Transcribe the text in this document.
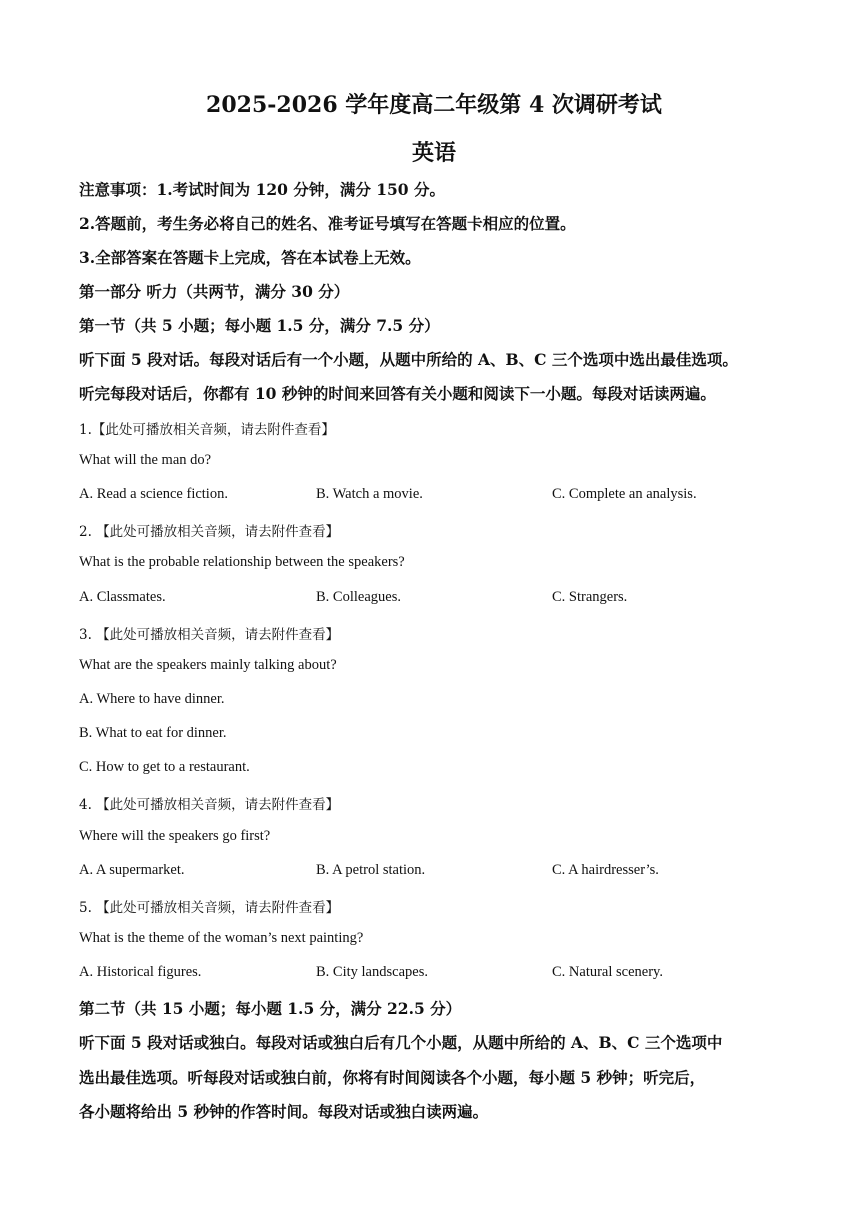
2025-2026 学年度高二年级第 4 次调研考试
英语
注意事项：1.考试时间为 120 分钟，满分 150 分。
2.答题前，考生务必将自己的姓名、准考证号填写在答题卡相应的位置。
3.全部答案在答题卡上完成，答在本试卷上无效。
第一部分 听力（共两节，满分 30 分）
第一节（共 5 小题；每小题 1.5 分，满分 7.5 分）
听下面 5 段对话。每段对话后有一个小题，从题中所给的 A、B、C 三个选项中选出最佳选项。
听完每段对话后，你都有 10 秒钟的时间来回答有关小题和阅读下一小题。每段对话读两遍。
1.【此处可播放相关音频，请去附件查看】
What will the man do?
A. Read a science fiction.	B. Watch a movie.	C. Complete an analysis.
2. 【此处可播放相关音频，请去附件查看】
What is the probable relationship between the speakers?
A. Classmates.	B. Colleagues.	C. Strangers.
3. 【此处可播放相关音频，请去附件查看】
What are the speakers mainly talking about?
A. Where to have dinner.
B. What to eat for dinner.
C. How to get to a restaurant.
4. 【此处可播放相关音频，请去附件查看】
Where will the speakers go first?
A. A supermarket.	B. A petrol station.	C. A hairdresser’s.
5. 【此处可播放相关音频，请去附件查看】
What is the theme of the woman’s next painting?
A. Historical figures.	B. City landscapes.	C. Natural scenery.
第二节（共 15 小题；每小题 1.5 分，满分 22.5 分）
听下面 5 段对话或独白。每段对话或独白后有几个小题，从题中所给的 A、B、C 三个选项中
选出最佳选项。听每段对话或独白前，你将有时间阅读各个小题，每小题 5 秒钟；听完后，
各小题将给出 5 秒钟的作答时间。每段对话或独白读两遍。
